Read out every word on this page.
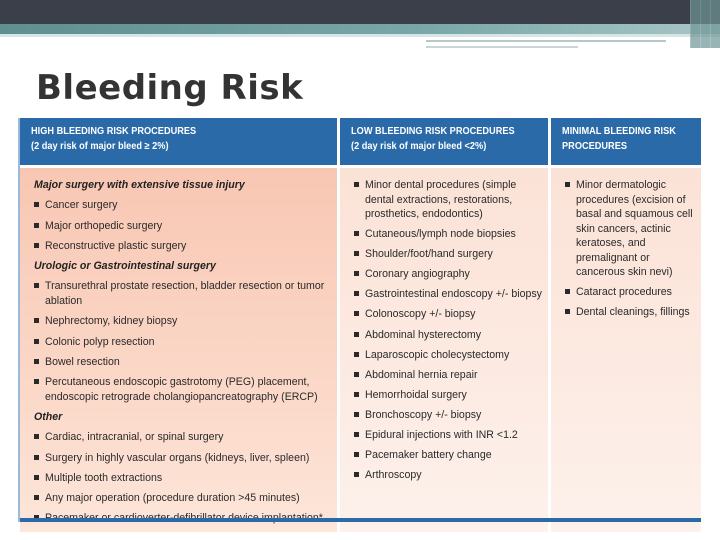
Bleeding Risk
HIGH BLEEDING RISK PROCEDURES
(2 day risk of major bleed ≥ 2%)
Major surgery with extensive tissue injury
Cancer surgery
Major orthopedic surgery
Reconstructive plastic surgery
Urologic or Gastrointestinal surgery
Transurethral prostate resection, bladder resection or tumor ablation
Nephrectomy, kidney biopsy
Colonic polyp resection
Bowel resection
Percutaneous endoscopic gastrotomy (PEG) placement, endoscopic retrograde cholangiopancreatography (ERCP)
Other
Cardiac, intracranial, or spinal surgery
Surgery in highly vascular organs (kidneys, liver, spleen)
Multiple tooth extractions
Any major operation (procedure duration >45 minutes)
LOW BLEEDING RISK PROCEDURES
(2 day risk of major bleed <2%)
Minor dental procedures (simple dental extractions, restorations, prosthetics, endodontics)
Cutaneous/lymph node biopsies
Shoulder/foot/hand surgery
Coronary angiography
Gastrointestinal endoscopy +/- biopsy
Colonoscopy +/- biopsy
Abdominal hysterectomy
Laparoscopic cholecystectomy
Abdominal hernia repair
Hemorrhoidal surgery
Bronchoscopy +/- biopsy
Epidural injections with INR <1.2
Pacemaker battery change
Arthroscopy
MINIMAL BLEEDING RISK
PROCEDURES
Minor dermatologic procedures (excision of basal and squamous cell skin cancers, actinic keratoses, and premalignant or cancerous skin nevi)
Cataract procedures
Dental cleanings, fillings
